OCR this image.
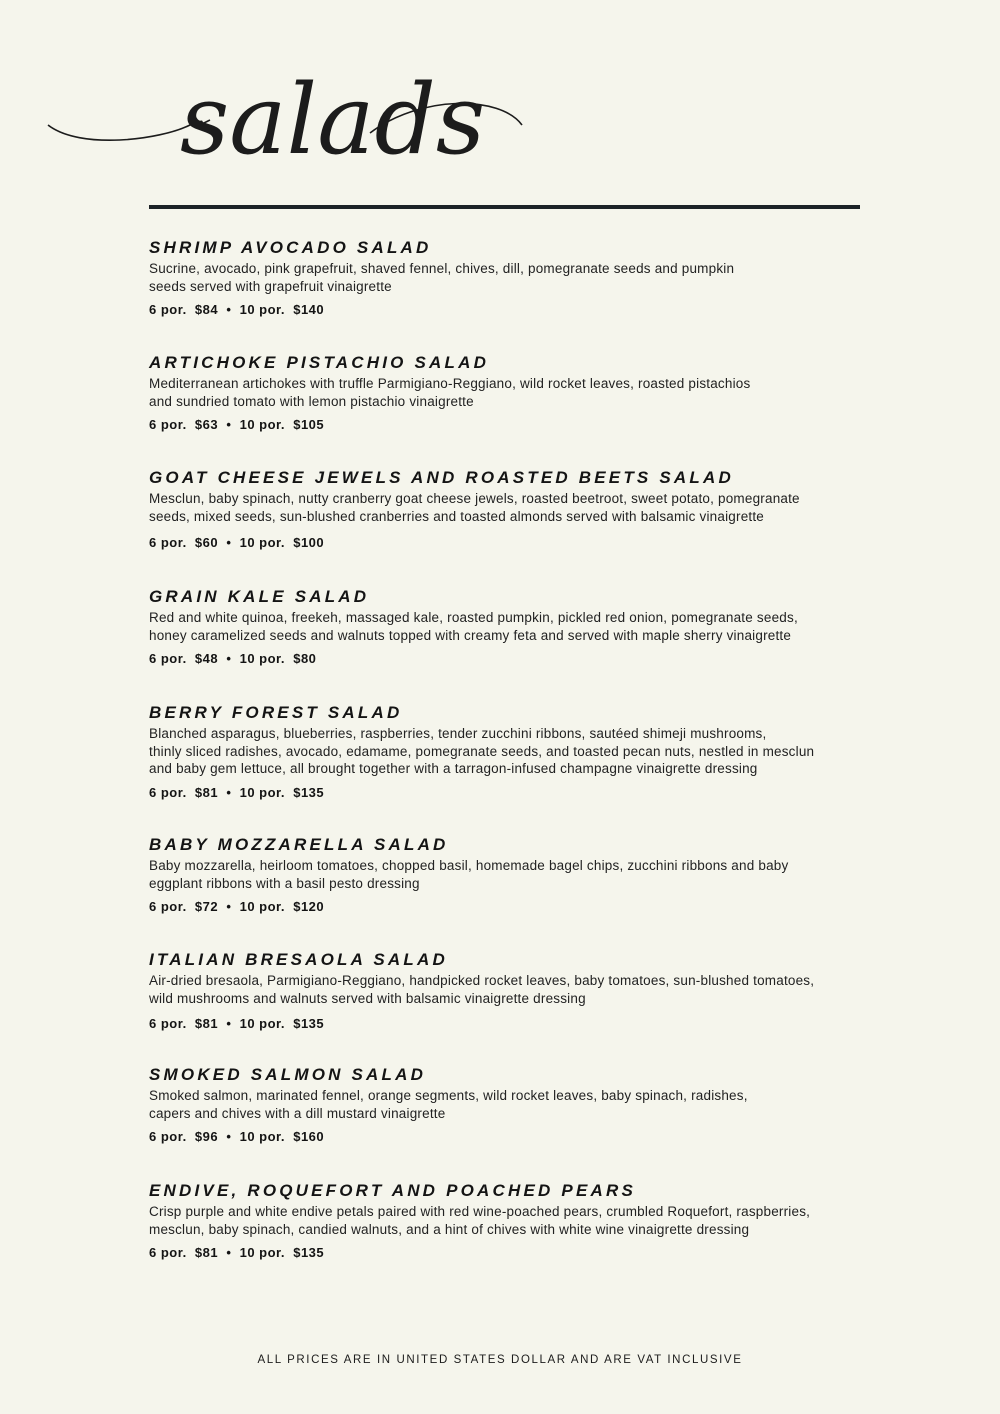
salads

SHRIMP AVOCADO SALAD

Sucrine, avocado, pink grapefruit, shaved fennel, chives, dill, pomegranate seeds and pumpkin
seeds served with grapefruit vinaigrette

6 por.  $84  •  10 por.  $140

ARTICHOKE PISTACHIO SALAD

Mediterranean artichokes with truffle Parmigiano-Reggiano, wild rocket leaves, roasted pistachios
and sundried tomato with lemon pistachio vinaigrette

6 por.  $63  •  10 por.  $105

GOAT CHEESE JEWELS AND ROASTED BEETS SALAD

Mesclun, baby spinach, nutty cranberry goat cheese jewels, roasted beetroot, sweet potato, pomegranate
seeds, mixed seeds, sun-blushed cranberries and toasted almonds served with balsamic vinaigrette

6 por.  $60  •  10 por.  $100

GRAIN KALE SALAD

Red and white quinoa, freekeh, massaged kale, roasted pumpkin, pickled red onion, pomegranate seeds,
honey caramelized seeds and walnuts topped with creamy feta and served with maple sherry vinaigrette

6 por.  $48  •  10 por.  $80

BERRY FOREST SALAD

Blanched asparagus, blueberries, raspberries, tender zucchini ribbons, sautéed shimeji mushrooms,
thinly sliced radishes, avocado, edamame, pomegranate seeds, and toasted pecan nuts, nestled in mesclun
and baby gem lettuce, all brought together with a tarragon-infused champagne vinaigrette dressing

6 por.  $81  •  10 por.  $135

BABY MOZZARELLA SALAD

Baby mozzarella, heirloom tomatoes, chopped basil, homemade bagel chips, zucchini ribbons and baby
eggplant ribbons with a basil pesto dressing

6 por.  $72  •  10 por.  $120

ITALIAN BRESAOLA SALAD

Air-dried bresaola, Parmigiano-Reggiano, handpicked rocket leaves, baby tomatoes, sun-blushed tomatoes,
wild mushrooms and walnuts served with balsamic vinaigrette dressing

6 por.  $81  •  10 por.  $135

SMOKED SALMON SALAD

Smoked salmon, marinated fennel, orange segments, wild rocket leaves, baby spinach, radishes,
capers and chives with a dill mustard vinaigrette

6 por.  $96  •  10 por.  $160

ENDIVE, ROQUEFORT AND POACHED PEARS

Crisp purple and white endive petals paired with red wine-poached pears, crumbled Roquefort, raspberries,
mesclun, baby spinach, candied walnuts, and a hint of chives with white wine vinaigrette dressing

6 por.  $81  •  10 por.  $135

ALL PRICES ARE IN UNITED STATES DOLLAR AND ARE VAT INCLUSIVE
